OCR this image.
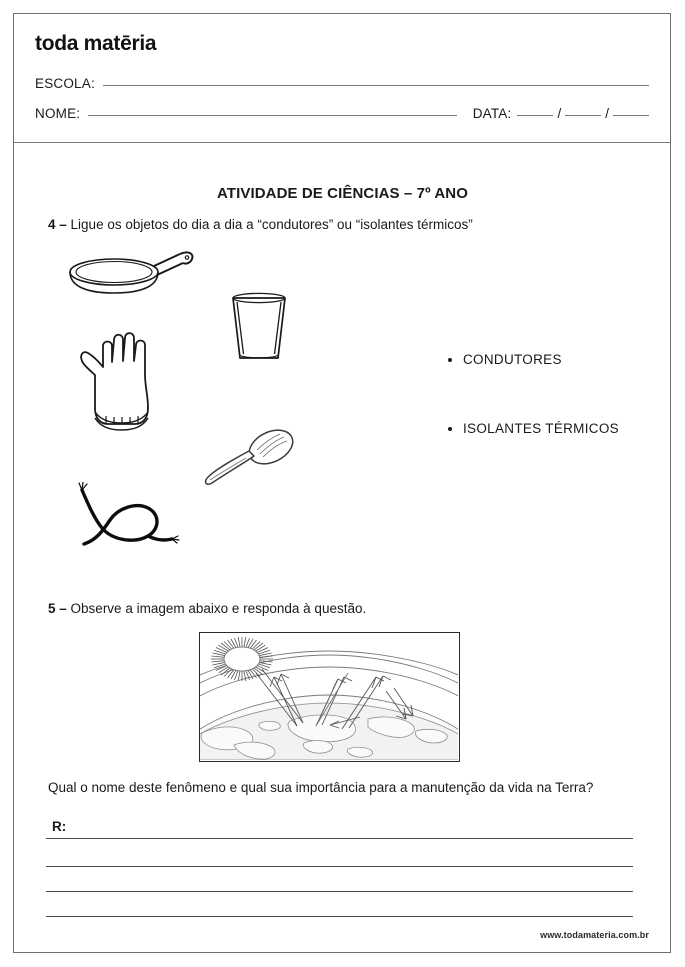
toda matēria
ESCOLA:
NOME:	DATA:	/	/
ATIVIDADE DE CIÊNCIAS – 7º ANO
4 – Ligue os objetos do dia a dia a “condutores” ou “isolantes térmicos”
CONDUTORES
ISOLANTES TÉRMICOS
5 – Observe a imagem abaixo e responda à questão.
Qual o nome deste fenômeno e qual sua importância para a manutenção da vida na Terra?
R:
www.todamateria.com.br
